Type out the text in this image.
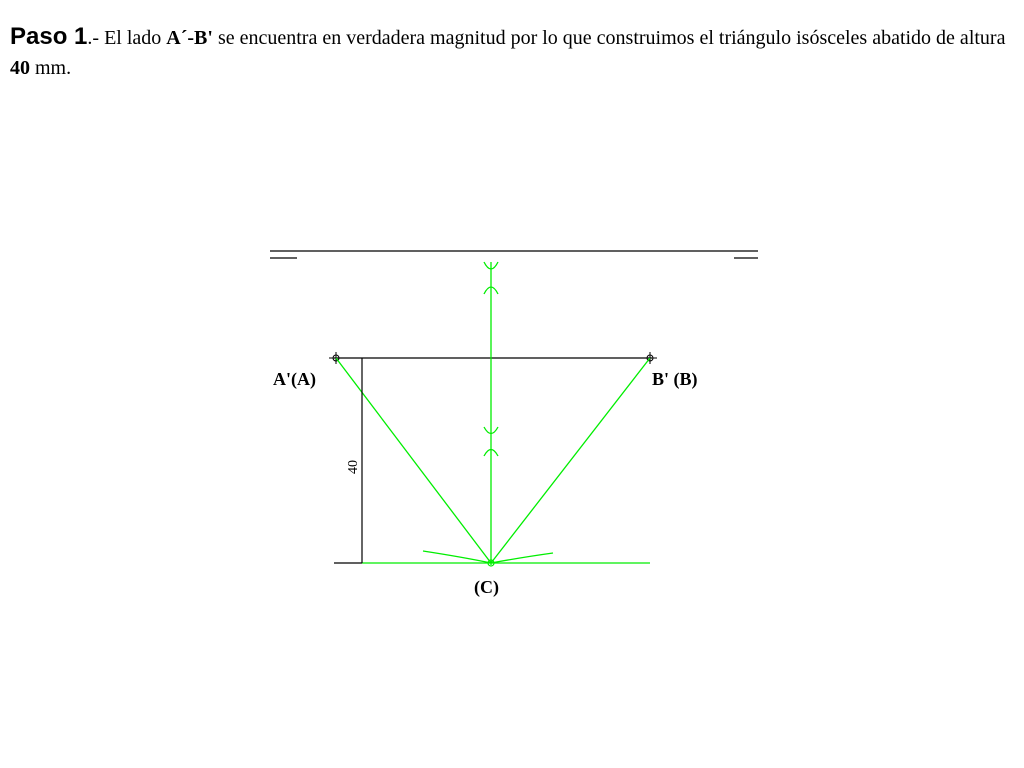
Paso 1.- El lado A´-B' se encuentra en verdadera magnitud por lo que construimos el triángulo isósceles abatido de altura 40 mm.

40
A'(A)	B' (B)
(C)
